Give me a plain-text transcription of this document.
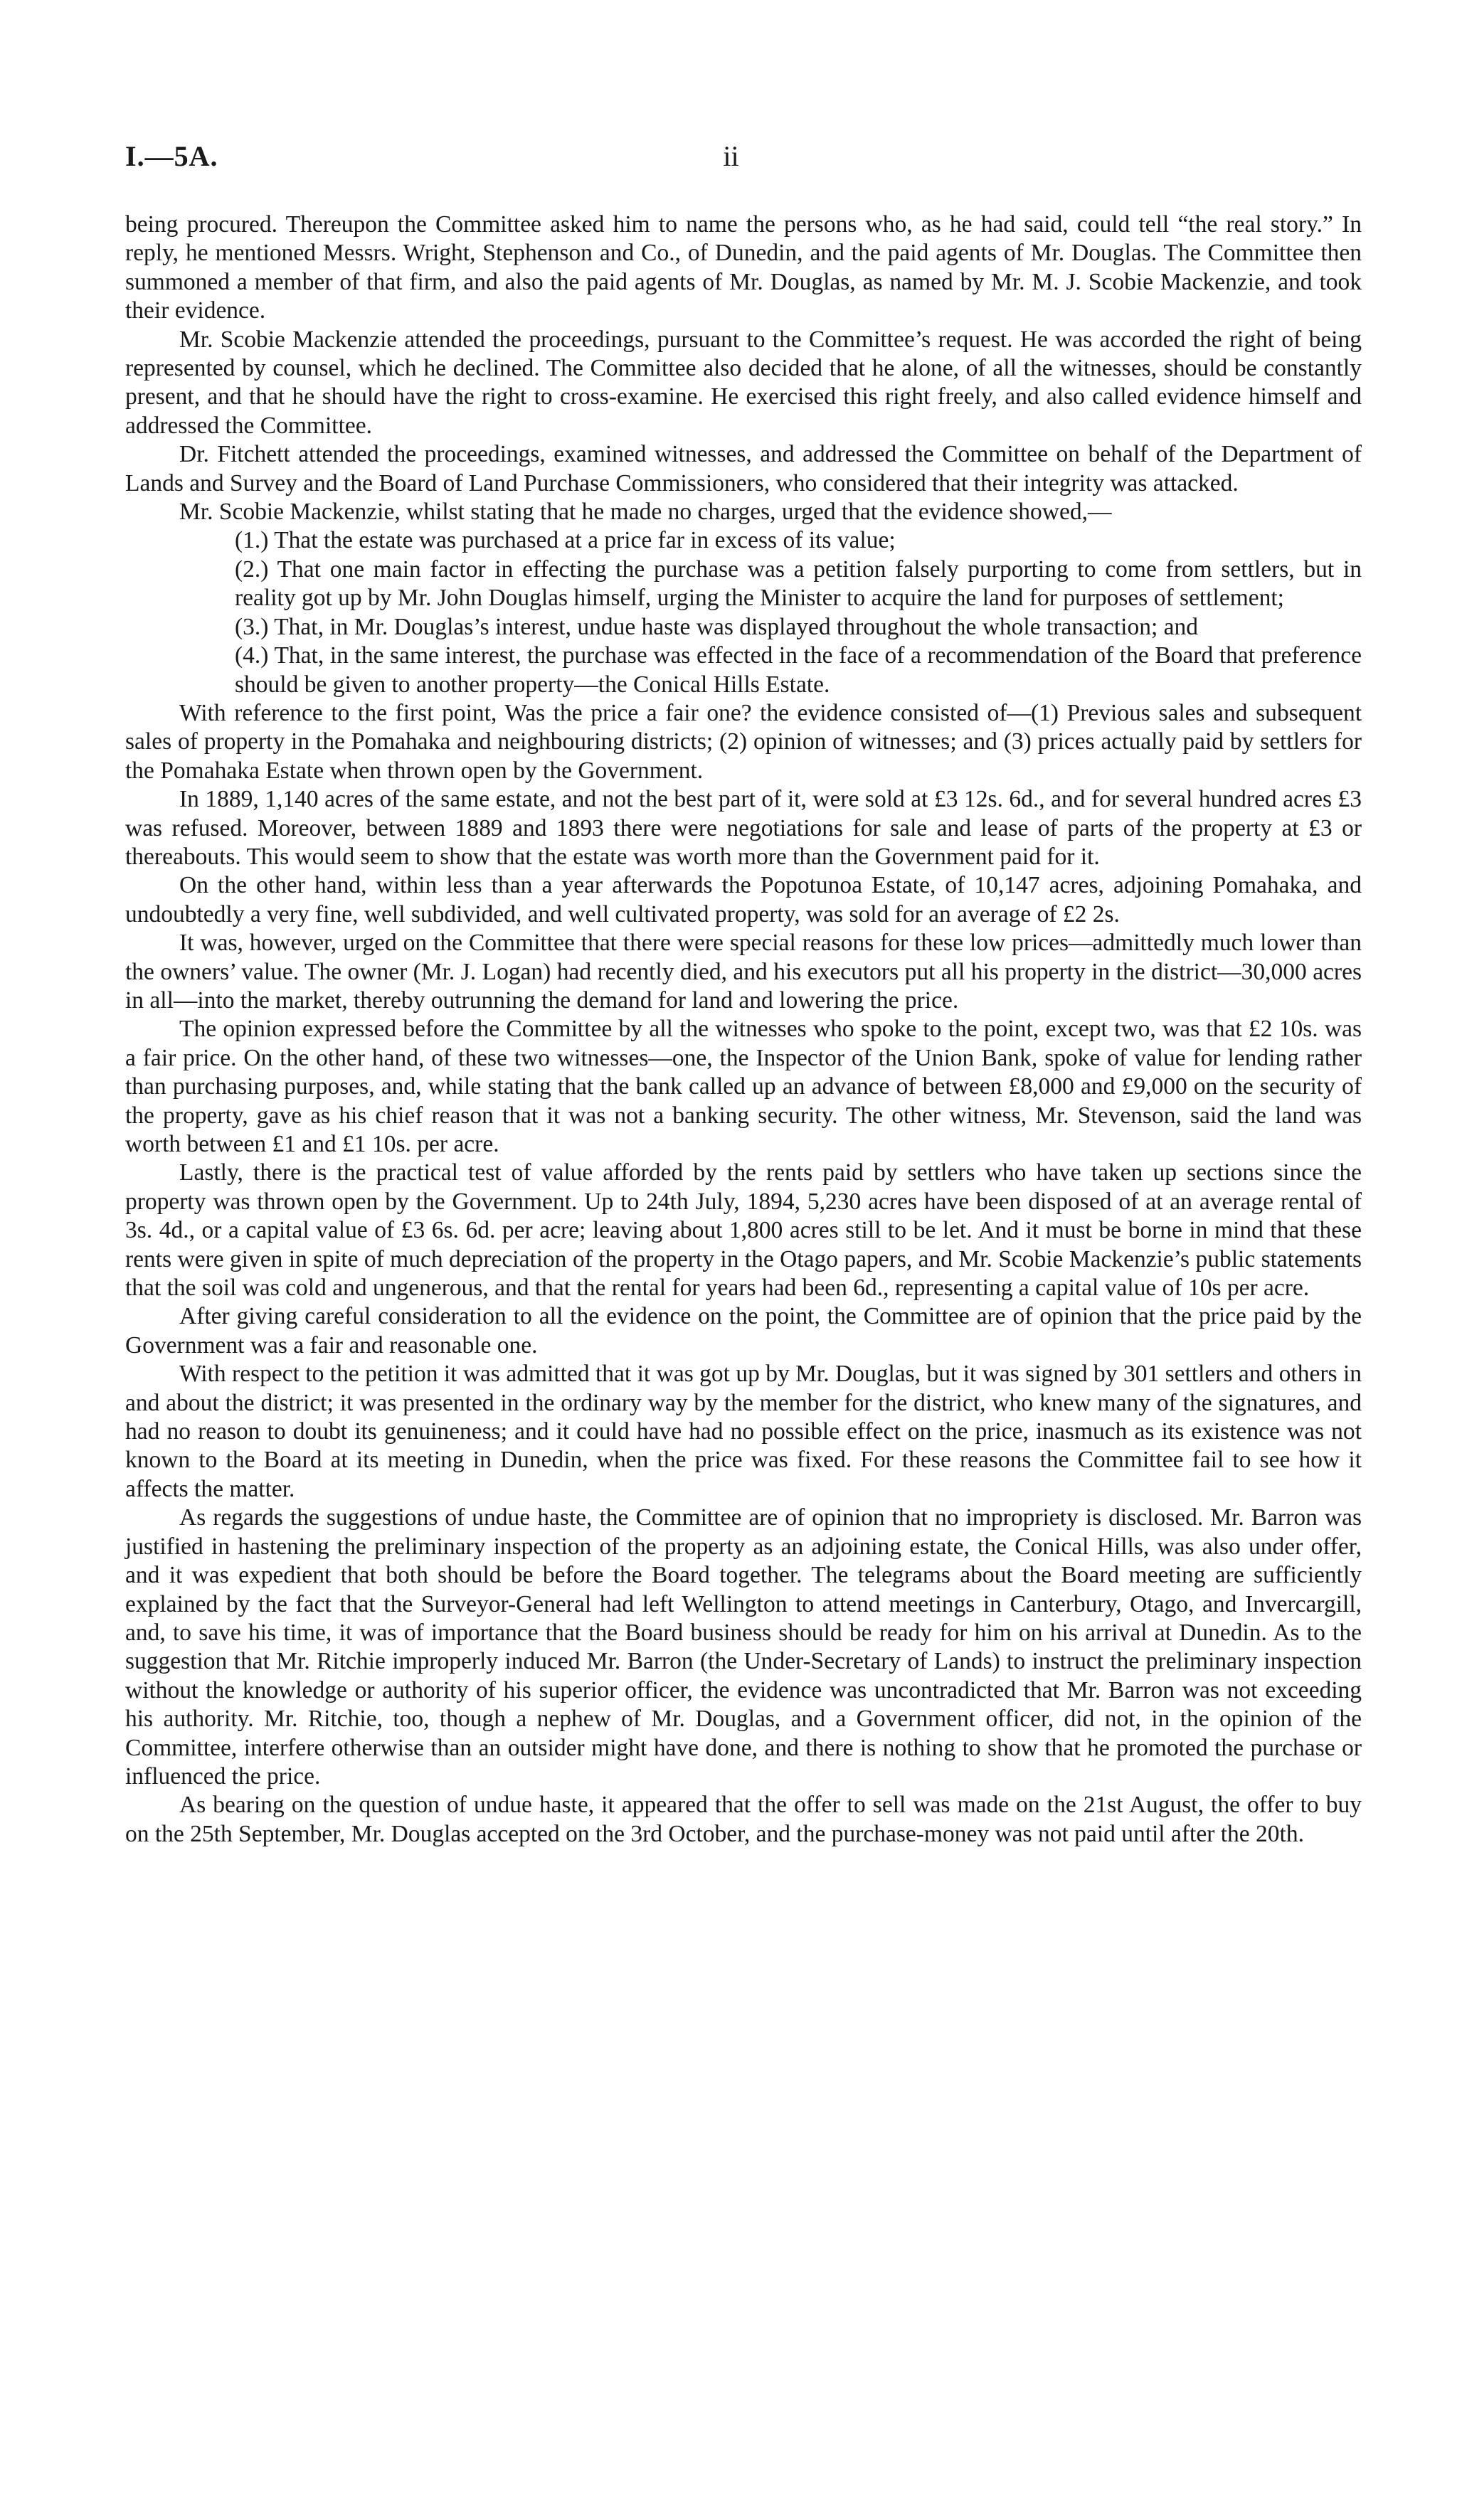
I.—5A.	ii

being procured. Thereupon the Committee asked him to name the persons who, as he had said, could tell “the real story.” In reply, he mentioned Messrs. Wright, Stephenson and Co., of Dunedin, and the paid agents of Mr. Douglas. The Committee then summoned a member of that firm, and also the paid agents of Mr. Douglas, as named by Mr. M. J. Scobie Mackenzie, and took their evidence.

Mr. Scobie Mackenzie attended the proceedings, pursuant to the Committee’s request. He was accorded the right of being represented by counsel, which he declined. The Committee also decided that he alone, of all the witnesses, should be constantly present, and that he should have the right to cross-examine. He exercised this right freely, and also called evidence himself and addressed the Committee.

Dr. Fitchett attended the proceedings, examined witnesses, and addressed the Committee on behalf of the Department of Lands and Survey and the Board of Land Purchase Commissioners, who considered that their integrity was attacked.

Mr. Scobie Mackenzie, whilst stating that he made no charges, urged that the evidence showed,—

(1.) That the estate was purchased at a price far in excess of its value;

(2.) That one main factor in effecting the purchase was a petition falsely purporting to come from settlers, but in reality got up by Mr. John Douglas himself, urging the Minister to acquire the land for purposes of settlement;

(3.) That, in Mr. Douglas’s interest, undue haste was displayed throughout the whole transaction; and

(4.) That, in the same interest, the purchase was effected in the face of a recommendation of the Board that preference should be given to another property—the Conical Hills Estate.

With reference to the first point, Was the price a fair one? the evidence consisted of—(1) Previous sales and subsequent sales of property in the Pomahaka and neighbouring districts; (2) opinion of witnesses; and (3) prices actually paid by settlers for the Pomahaka Estate when thrown open by the Government.

In 1889, 1,140 acres of the same estate, and not the best part of it, were sold at £3 12s. 6d., and for several hundred acres £3 was refused. Moreover, between 1889 and 1893 there were negotiations for sale and lease of parts of the property at £3 or thereabouts. This would seem to show that the estate was worth more than the Government paid for it.

On the other hand, within less than a year afterwards the Popotunoa Estate, of 10,147 acres, adjoining Pomahaka, and undoubtedly a very fine, well subdivided, and well cultivated property, was sold for an average of £2 2s.

It was, however, urged on the Committee that there were special reasons for these low prices—admittedly much lower than the owners’ value. The owner (Mr. J. Logan) had recently died, and his executors put all his property in the district—30,000 acres in all—into the market, thereby outrunning the demand for land and lowering the price.

The opinion expressed before the Committee by all the witnesses who spoke to the point, except two, was that £2 10s. was a fair price. On the other hand, of these two witnesses—one, the Inspector of the Union Bank, spoke of value for lending rather than purchasing purposes, and, while stating that the bank called up an advance of between £8,000 and £9,000 on the security of the property, gave as his chief reason that it was not a banking security. The other witness, Mr. Stevenson, said the land was worth between £1 and £1 10s. per acre.

Lastly, there is the practical test of value afforded by the rents paid by settlers who have taken up sections since the property was thrown open by the Government. Up to 24th July, 1894, 5,230 acres have been disposed of at an average rental of 3s. 4d., or a capital value of £3 6s. 6d. per acre; leaving about 1,800 acres still to be let. And it must be borne in mind that these rents were given in spite of much depreciation of the property in the Otago papers, and Mr. Scobie Mackenzie’s public statements that the soil was cold and ungenerous, and that the rental for years had been 6d., representing a capital value of 10s per acre.

After giving careful consideration to all the evidence on the point, the Committee are of opinion that the price paid by the Government was a fair and reasonable one.

With respect to the petition it was admitted that it was got up by Mr. Douglas, but it was signed by 301 settlers and others in and about the district; it was presented in the ordinary way by the member for the district, who knew many of the signatures, and had no reason to doubt its genuineness; and it could have had no possible effect on the price, inasmuch as its existence was not known to the Board at its meeting in Dunedin, when the price was fixed. For these reasons the Committee fail to see how it affects the matter.

As regards the suggestions of undue haste, the Committee are of opinion that no impropriety is disclosed. Mr. Barron was justified in hastening the preliminary inspection of the property as an adjoining estate, the Conical Hills, was also under offer, and it was expedient that both should be before the Board together. The telegrams about the Board meeting are sufficiently explained by the fact that the Surveyor-General had left Wellington to attend meetings in Canterbury, Otago, and Invercargill, and, to save his time, it was of importance that the Board business should be ready for him on his arrival at Dunedin. As to the suggestion that Mr. Ritchie improperly induced Mr. Barron (the Under-Secretary of Lands) to instruct the preliminary inspection without the knowledge or authority of his superior officer, the evidence was uncontradicted that Mr. Barron was not exceeding his authority. Mr. Ritchie, too, though a nephew of Mr. Douglas, and a Government officer, did not, in the opinion of the Committee, interfere otherwise than an outsider might have done, and there is nothing to show that he promoted the purchase or influenced the price.

As bearing on the question of undue haste, it appeared that the offer to sell was made on the 21st August, the offer to buy on the 25th September, Mr. Douglas accepted on the 3rd October, and the purchase-money was not paid until after the 20th.
